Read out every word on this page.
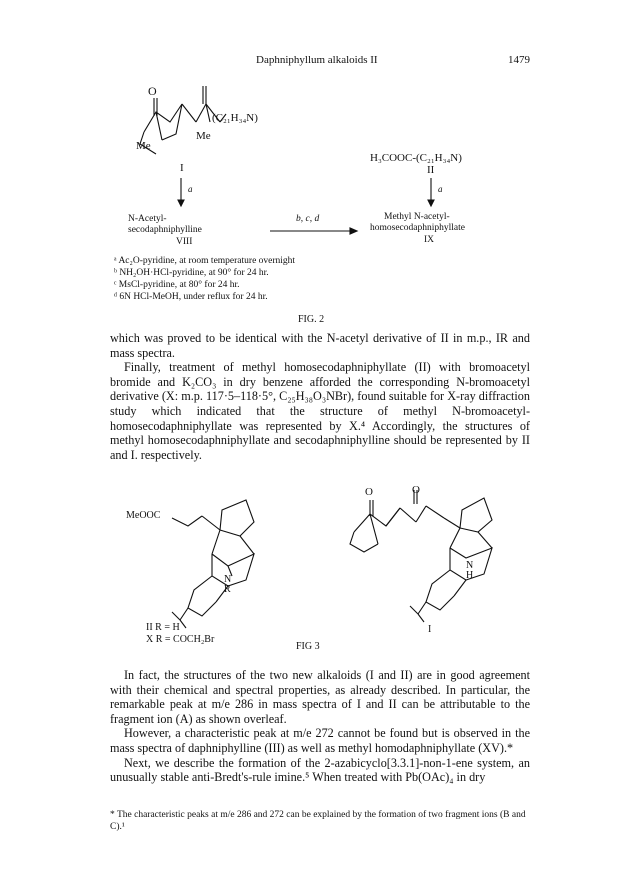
Daphniphyllum alkaloids II	1479
O
(C₂₁H₃₄N)
Me
Me
I
H₃COOC-(C₂₁H₃₄N)
II
a	a
N-Acetyl-
secodaphniphylline
VIII
b, c, d	Methyl N-acetyl-
homosecodaphniphyllate
IX
ᵃ Ac₂O-pyridine, at room temperature overnight
ᵇ NH₂OH·HCl-pyridine, at 90° for 24 hr.
ᶜ MsCl-pyridine, at 80° for 24 hr.
ᵈ 6N HCl-MeOH, under reflux for 24 hr.
FIG. 2

which was proved to be identical with the N-acetyl derivative of II in m.p., IR and mass spectra.

Finally, treatment of methyl homosecodaphniphyllate (II) with bromoacetyl bromide and K₂CO₃ in dry benzene afforded the corresponding N-bromoacetyl derivative (X: m.p. 117·5–118·5°, C₂₅H₃₈O₃NBr), found suitable for X-ray diffraction study which indicated that the structure of methyl N-bromoacetyl-homosecodaphniphyllate was represented by X.⁴ Accordingly, the structures of methyl homosecodaphniphyllate and secodaphniphylline should be represented by II and I. respectively.

MeOOC
N
R
II R = H
X R = COCH₂Br
O	O
N
H
I
FIG 3

In fact, the structures of the two new alkaloids (I and II) are in good agreement with their chemical and spectral properties, as already described. In particular, the remarkable peak at m/e 286 in mass spectra of I and II can be attributable to the fragment ion (A) as shown overleaf.

However, a characteristic peak at m/e 272 cannot be found but is observed in the mass spectra of daphniphylline (III) as well as methyl homodaphniphyllate (XV).*

Next, we describe the formation of the 2-azabicyclo[3.3.1]-non-1-ene system, an unusually stable anti-Bredt's-rule imine.⁵ When treated with Pb(OAc)₄ in dry

* The characteristic peaks at m/e 286 and 272 can be explained by the formation of two fragment ions (B and C).¹
